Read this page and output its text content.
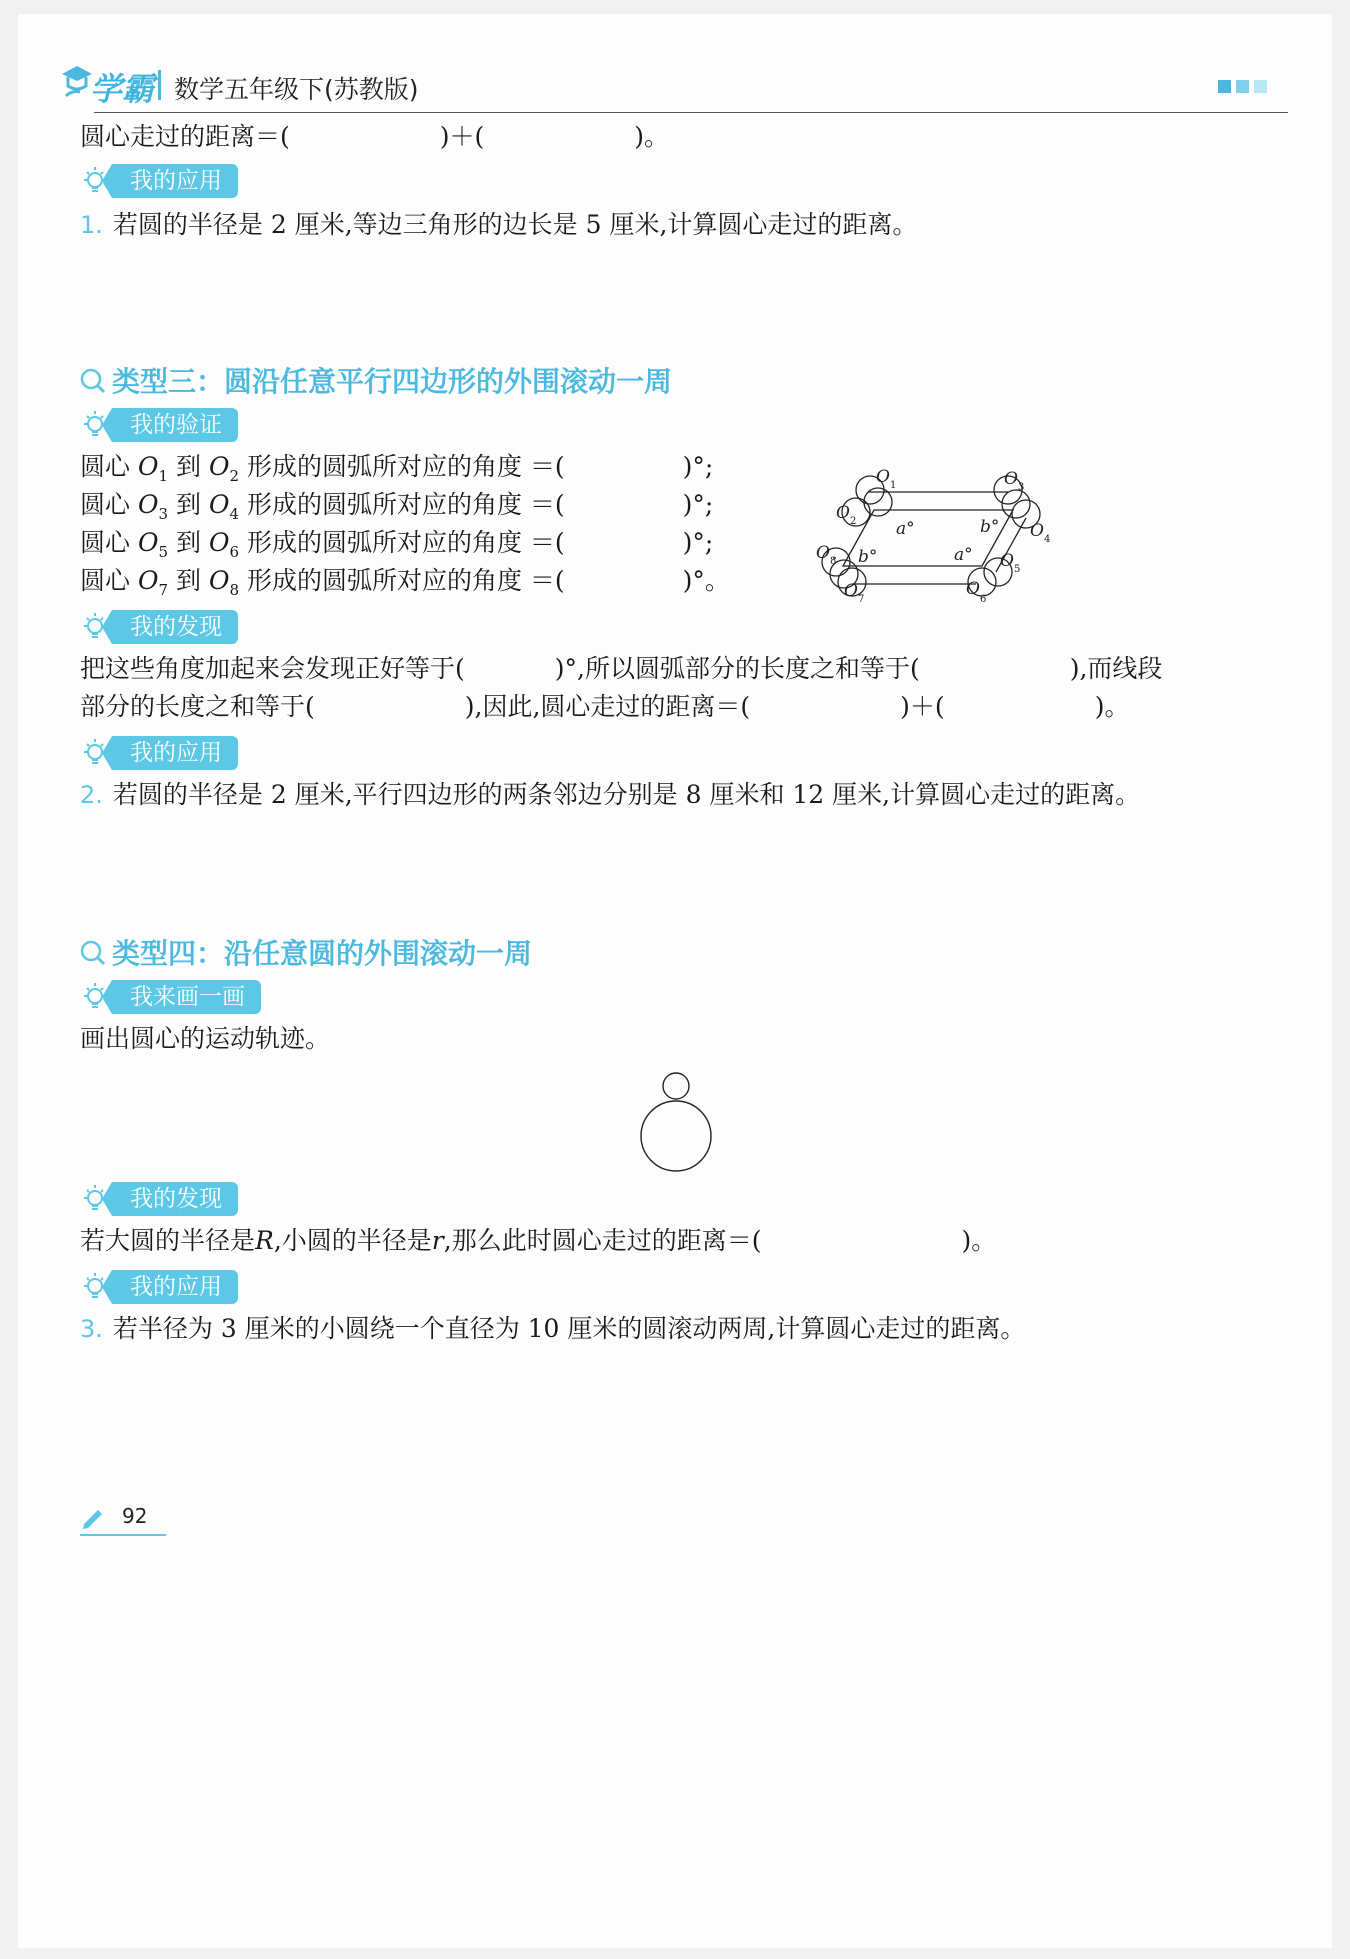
学霸 数学五年级下(苏教版)
圆心走过的距离＝(	)＋(	)。
我的应用
1. 若圆的半径是 2 厘米,等边三角形的边长是 5 厘米,计算圆心走过的距离。
类型三：圆沿任意平行四边形的外围滚动一周
我的验证
圆心 $O_1$ 到 $O_2$ 形成的圆弧所对应的角度 ＝(	)°;
圆心 $O_3$ 到 $O_4$ 形成的圆弧所对应的角度 ＝(	)°;
圆心 $O_5$ 到 $O_6$ 形成的圆弧所对应的角度 ＝(	)°;
圆心 $O_7$ 到 $O_8$ 形成的圆弧所对应的角度 ＝(	)°。
O 1
O 2
O 3
O 4
O 5
O
6
O 7
O 8
a°	b°
b°	a°
我的发现
把这些角度加起来会发现正好等于(	)°,所以圆弧部分的长度之和等于(	),而线段
部分的长度之和等于(	),因此,圆心走过的距离＝(	)＋(	)。
我的应用
2. 若圆的半径是 2 厘米,平行四边形的两条邻边分别是 8 厘米和 12 厘米,计算圆心走过的距离。
类型四：沿任意圆的外围滚动一周
我来画一画
画出圆心的运动轨迹。
我的发现
若大圆的半径是R,小圆的半径是r,那么此时圆心走过的距离＝(	)。
我的应用
3. 若半径为 3 厘米的小圆绕一个直径为 10 厘米的圆滚动两周,计算圆心走过的距离。
92
